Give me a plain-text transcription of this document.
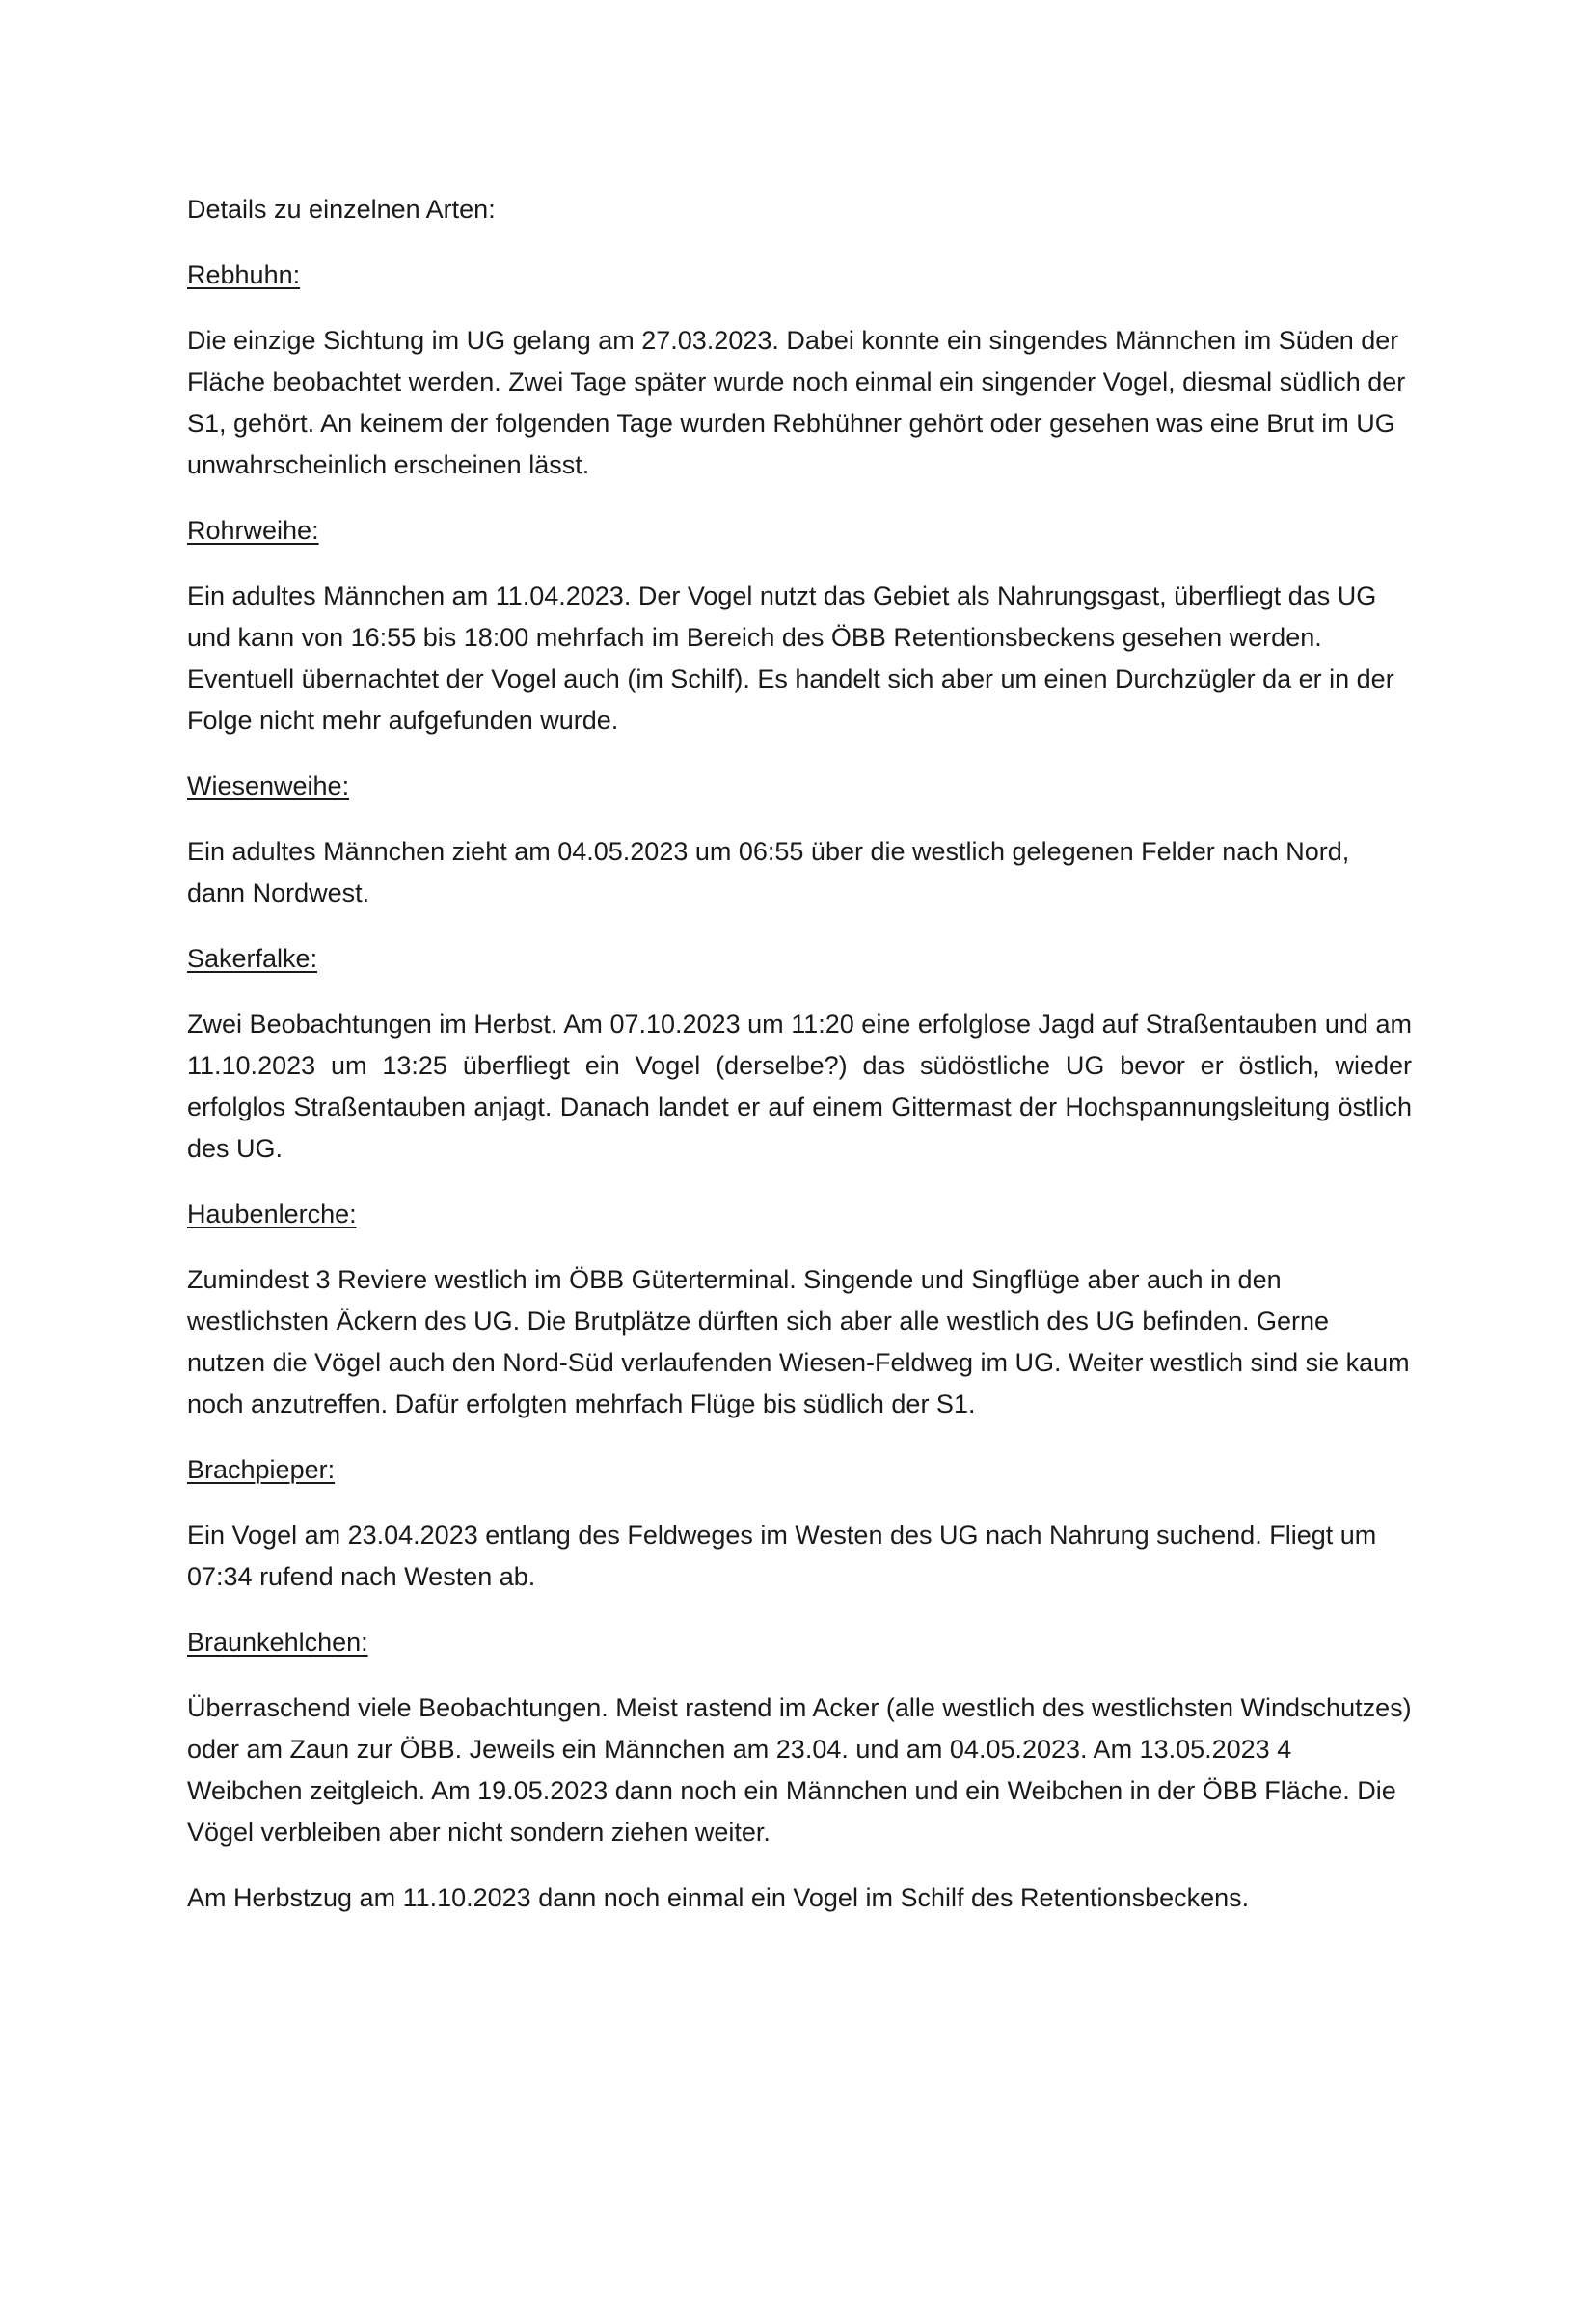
Details zu einzelnen Arten:

Rebhuhn:

Die einzige Sichtung im UG gelang am 27.03.2023. Dabei konnte ein singendes Männchen im Süden der Fläche beobachtet werden. Zwei Tage später wurde noch einmal ein singender Vogel, diesmal südlich der S1, gehört. An keinem der folgenden Tage wurden Rebhühner gehört oder gesehen was eine Brut im UG unwahrscheinlich erscheinen lässt.

Rohrweihe:

Ein adultes Männchen am 11.04.2023. Der Vogel nutzt das Gebiet als Nahrungsgast, überfliegt das UG und kann von 16:55 bis 18:00 mehrfach im Bereich des ÖBB Retentionsbeckens gesehen werden. Eventuell übernachtet der Vogel auch (im Schilf). Es handelt sich aber um einen Durchzügler da er in der Folge nicht mehr aufgefunden wurde.

Wiesenweihe:

Ein adultes Männchen zieht am 04.05.2023 um 06:55 über die westlich gelegenen Felder nach Nord, dann Nordwest.

Sakerfalke:

Zwei Beobachtungen im Herbst. Am 07.10.2023 um 11:20 eine erfolglose Jagd auf Straßentauben und am 11.10.2023 um 13:25 überfliegt ein Vogel (derselbe?) das südöstliche UG bevor er östlich, wieder erfolglos Straßentauben anjagt. Danach landet er auf einem Gittermast der Hochspannungsleitung östlich des UG.

Haubenlerche:

Zumindest 3 Reviere westlich im ÖBB Güterterminal. Singende und Singflüge aber auch in den westlichsten Äckern des UG. Die Brutplätze dürften sich aber alle westlich des UG befinden. Gerne nutzen die Vögel auch den Nord-Süd verlaufenden Wiesen-Feldweg im UG. Weiter westlich sind sie kaum noch anzutreffen. Dafür erfolgten mehrfach Flüge bis südlich der S1.

Brachpieper:

Ein Vogel am 23.04.2023 entlang des Feldweges im Westen des UG nach Nahrung suchend. Fliegt um 07:34 rufend nach Westen ab.

Braunkehlchen:

Überraschend viele Beobachtungen. Meist rastend im Acker (alle westlich des westlichsten Windschutzes) oder am Zaun zur ÖBB. Jeweils ein Männchen am 23.04. und am 04.05.2023. Am 13.05.2023 4 Weibchen zeitgleich. Am 19.05.2023 dann noch ein Männchen und ein Weibchen in der ÖBB Fläche. Die Vögel verbleiben aber nicht sondern ziehen weiter.

Am Herbstzug am 11.10.2023 dann noch einmal ein Vogel im Schilf des Retentionsbeckens.
